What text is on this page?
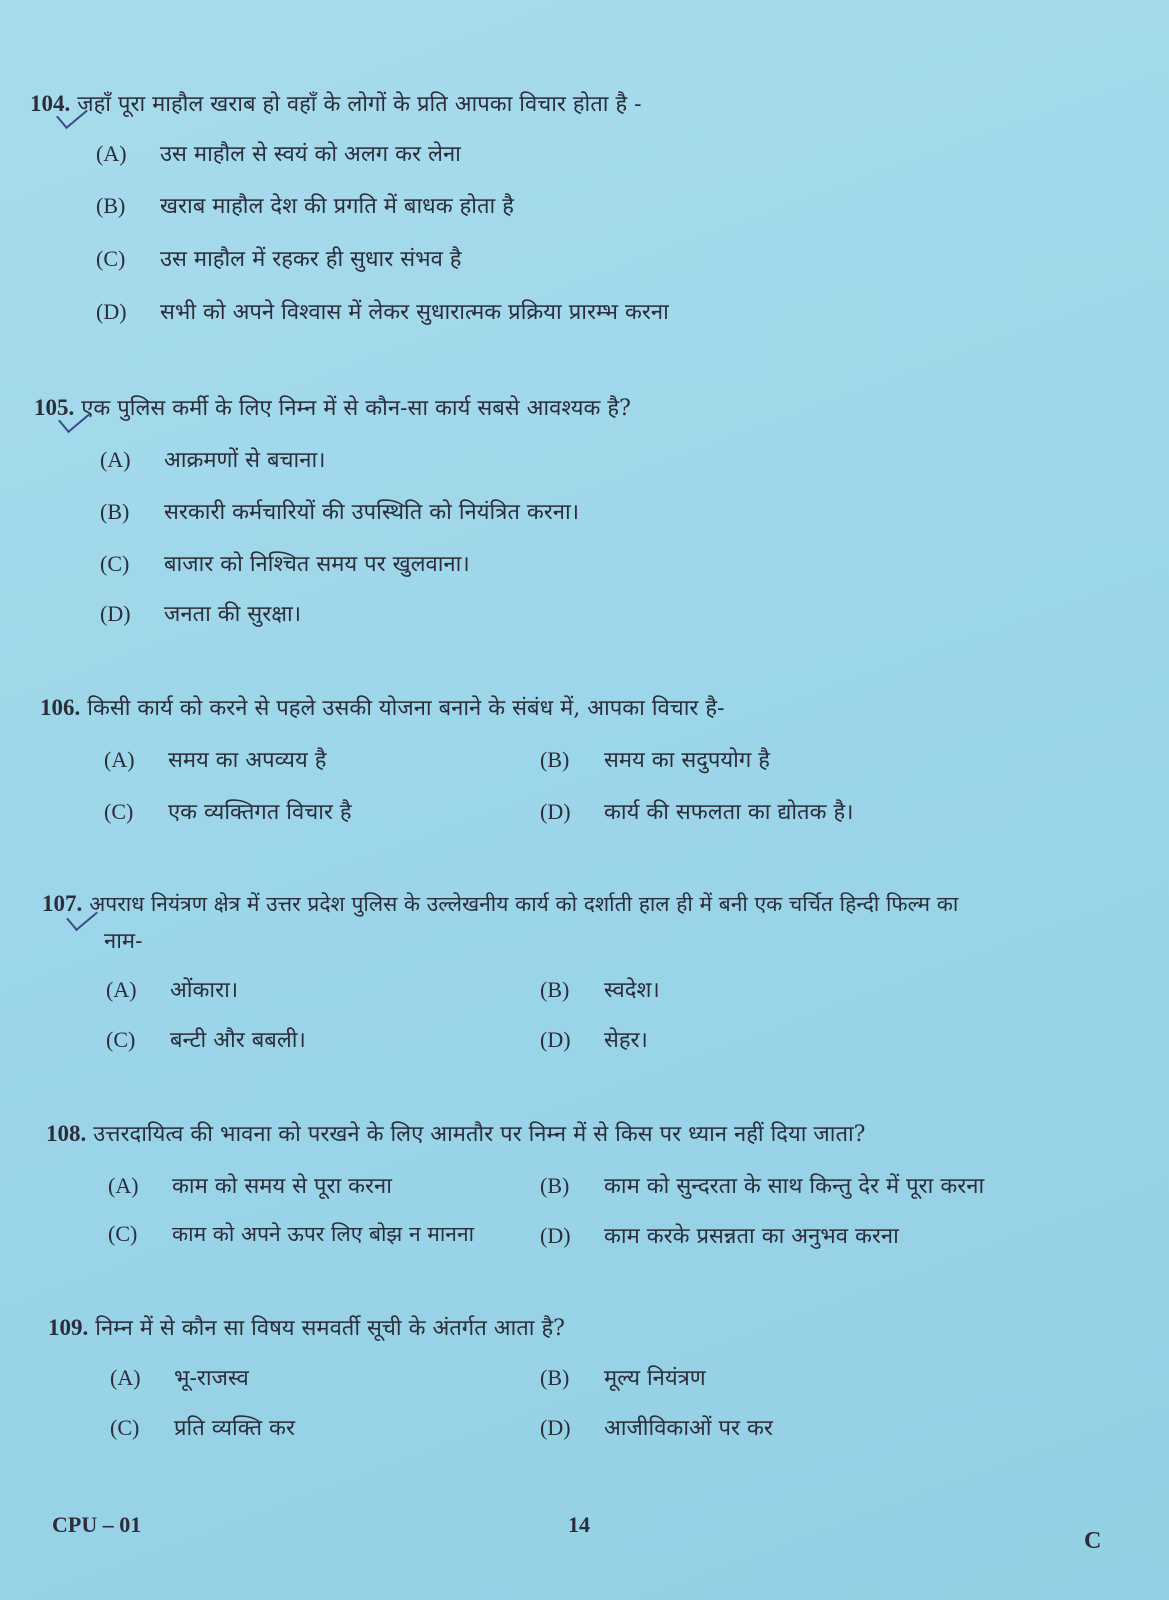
104. जहाँ पूरा माहौल खराब हो वहाँ के लोगों के प्रति आपका विचार होता है -
(A) उस माहौल से स्वयं को अलग कर लेना
(B) खराब माहौल देश की प्रगति में बाधक होता है
(C) उस माहौल में रहकर ही सुधार संभव है
(D) सभी को अपने विश्वास में लेकर सुधारात्मक प्रक्रिया प्रारम्भ करना
105. एक पुलिस कर्मी के लिए निम्न में से कौन-सा कार्य सबसे आवश्यक है?
(A) आक्रमणों से बचाना।
(B) सरकारी कर्मचारियों की उपस्थिति को नियंत्रित करना।
(C) बाजार को निश्चित समय पर खुलवाना।
(D) जनता की सुरक्षा।
106. किसी कार्य को करने से पहले उसकी योजना बनाने के संबंध में, आपका विचार है-
(A) समय का अपव्यय है	(B) समय का सदुपयोग है
(C) एक व्यक्तिगत विचार है	(D) कार्य की सफलता का द्योतक है।
107. अपराध नियंत्रण क्षेत्र में उत्तर प्रदेश पुलिस के उल्लेखनीय कार्य को दर्शाती हाल ही में बनी एक चर्चित हिन्दी फिल्म का
नाम-
(A) ओंकारा।	(B) स्वदेश।
(C) बन्टी और बबली।	(D) सेहर।
108. उत्तरदायित्व की भावना को परखने के लिए आमतौर पर निम्न में से किस पर ध्यान नहीं दिया जाता?
(A) काम को समय से पूरा करना	(B) काम को सुन्दरता के साथ किन्तु देर में पूरा करना
(C) काम को अपने ऊपर लिए बोझ न मानना	(D) काम करके प्रसन्नता का अनुभव करना
109. निम्न में से कौन सा विषय समवर्ती सूची के अंतर्गत आता है?
(A) भू-राजस्व	(B) मूल्य नियंत्रण
(C) प्रति व्यक्ति कर	(D) आजीविकाओं पर कर
CPU – 01	14
C
